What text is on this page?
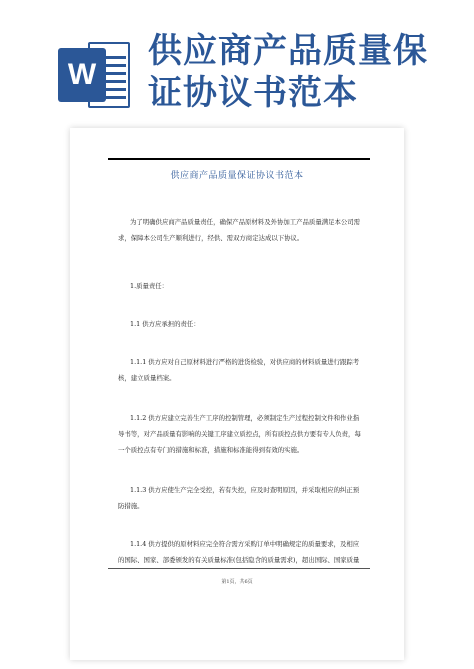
W
供应商产品质量保
证协议书范本
供应商产品质量保证协议书范本

为了明确供应商产品质量责任，确保产品原材料及外协加工产品质量满足本公司需
求，保障本公司生产顺利进行，经供、需双方商定达成以下协议。

1.质量责任：

1.1 供方应承担的责任：

1.1.1 供方应对自己原材料进行严格的进货检验，对供应商的材料质量进行跟踪考
核，建立质量档案。

1.1.2 供方应建立完善生产工序的控制管理，必须制定生产过程控制文件和作业指
导书等，对产品质量有影响的关键工序建立质控点，所有质控点供方要有专人负责，每
一个质控点有专门的措施和标准，措施和标准能得到有效的实施。

1.1.3 供方应使生产完全受控，若有失控，应及时查明原因，并采取相应的纠正预
防措施。

1.1.4 供方提供的原材料应完全符合需方采购订单中明确规定的质量要求，及相应
的国际、国家、部委颁发的有关质量标准(包括隐含的质量需求)，超出国际、国家质量

第1页，共6页
